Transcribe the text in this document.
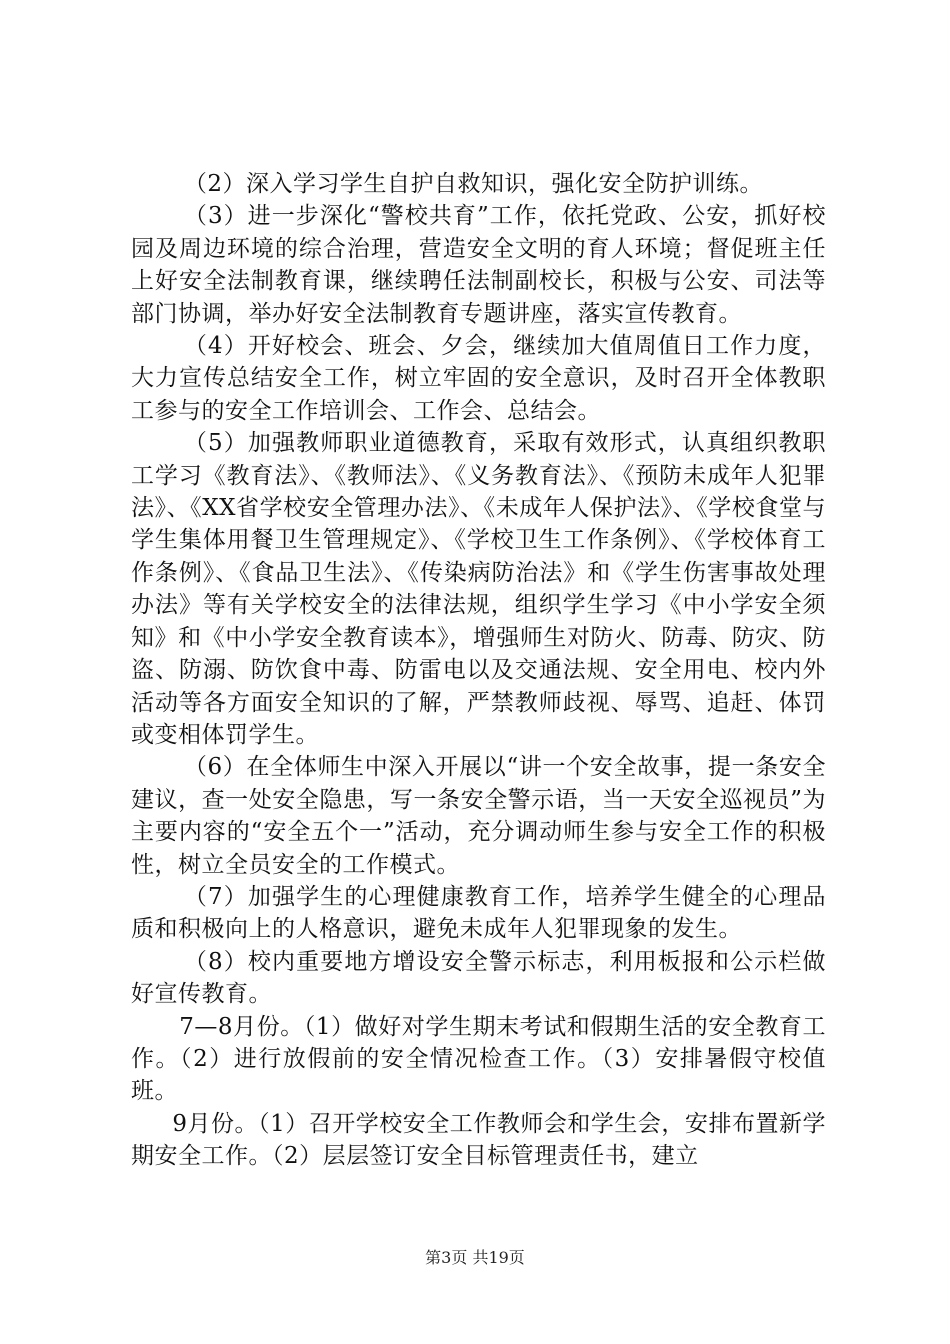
（2）深入学习学生自护自救知识，强化安全防护训练。

（3）进一步深化“警校共育”工作，依托党政、公安，抓好校园及周边环境的综合治理，营造安全文明的育人环境；督促班主任上好安全法制教育课，继续聘任法制副校长，积极与公安、司法等部门协调，举办好安全法制教育专题讲座，落实宣传教育。

（4）开好校会、班会、夕会，继续加大值周值日工作力度，大力宣传总结安全工作，树立牢固的安全意识，及时召开全体教职工参与的安全工作培训会、工作会、总结会。

（5）加强教师职业道德教育，采取有效形式，认真组织教职工学习《教育法》、《教师法》、《义务教育法》、《预防未成年人犯罪法》、《XX省学校安全管理办法》、《未成年人保护法》、《学校食堂与学生集体用餐卫生管理规定》、《学校卫生工作条例》、《学校体育工作条例》、《食品卫生法》、《传染病防治法》和《学生伤害事故处理办法》等有关学校安全的法律法规，组织学生学习《中小学安全须知》和《中小学安全教育读本》，增强师生对防火、防毒、防灾、防盗、防溺、防饮食中毒、防雷电以及交通法规、安全用电、校内外活动等各方面安全知识的了解，严禁教师歧视、辱骂、追赶、体罚或变相体罚学生。

（6）在全体师生中深入开展以“讲一个安全故事，提一条安全建议，查一处安全隐患，写一条安全警示语，当一天安全巡视员”为主要内容的“安全五个一”活动，充分调动师生参与安全工作的积极性，树立全员安全的工作模式。

（7）加强学生的心理健康教育工作，培养学生健全的心理品质和积极向上的人格意识，避免未成年人犯罪现象的发生。

（8）校内重要地方增设安全警示标志，利用板报和公示栏做好宣传教育。

7—8月份。（1）做好对学生期末考试和假期生活的安全教育工作。（2）进行放假前的安全情况检查工作。（3）安排暑假守校值班。

9月份。（1）召开学校安全工作教师会和学生会，安排布置新学期安全工作。（2）层层签订安全目标管理责任书，建立

第3页 共19页
